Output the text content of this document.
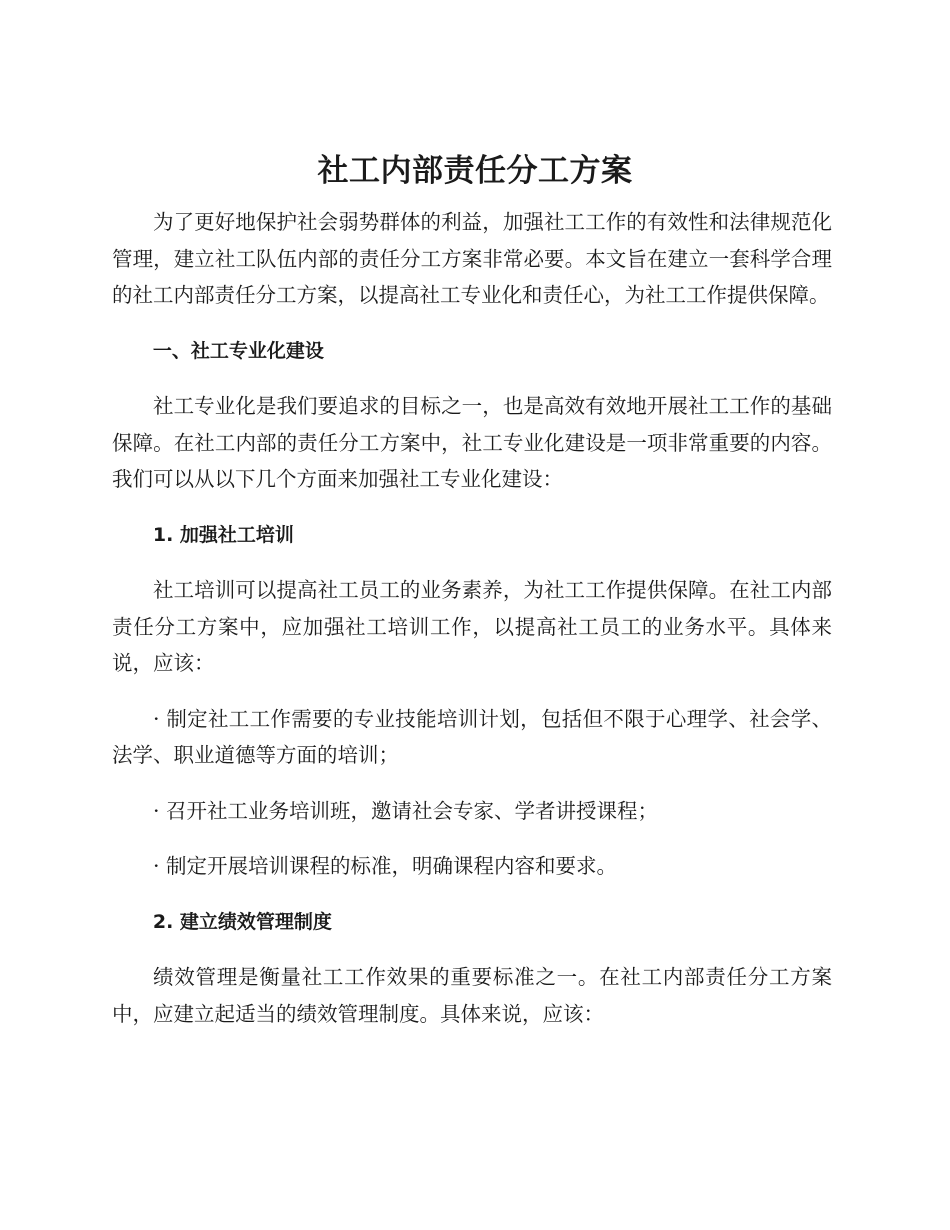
社工内部责任分工方案

为了更好地保护社会弱势群体的利益，加强社工工作的有效性和法律规范化管理，建立社工队伍内部的责任分工方案非常必要。本文旨在建立一套科学合理的社工内部责任分工方案，以提高社工专业化和责任心，为社工工作提供保障。

一、社工专业化建设

社工专业化是我们要追求的目标之一，也是高效有效地开展社工工作的基础保障。在社工内部的责任分工方案中，社工专业化建设是一项非常重要的内容。我们可以从以下几个方面来加强社工专业化建设：

1. 加强社工培训

社工培训可以提高社工员工的业务素养，为社工工作提供保障。在社工内部责任分工方案中，应加强社工培训工作，以提高社工员工的业务水平。具体来说，应该：

· 制定社工工作需要的专业技能培训计划，包括但不限于心理学、社会学、法学、职业道德等方面的培训；

· 召开社工业务培训班，邀请社会专家、学者讲授课程；

· 制定开展培训课程的标准，明确课程内容和要求。

2. 建立绩效管理制度

绩效管理是衡量社工工作效果的重要标准之一。在社工内部责任分工方案中，应建立起适当的绩效管理制度。具体来说，应该：
